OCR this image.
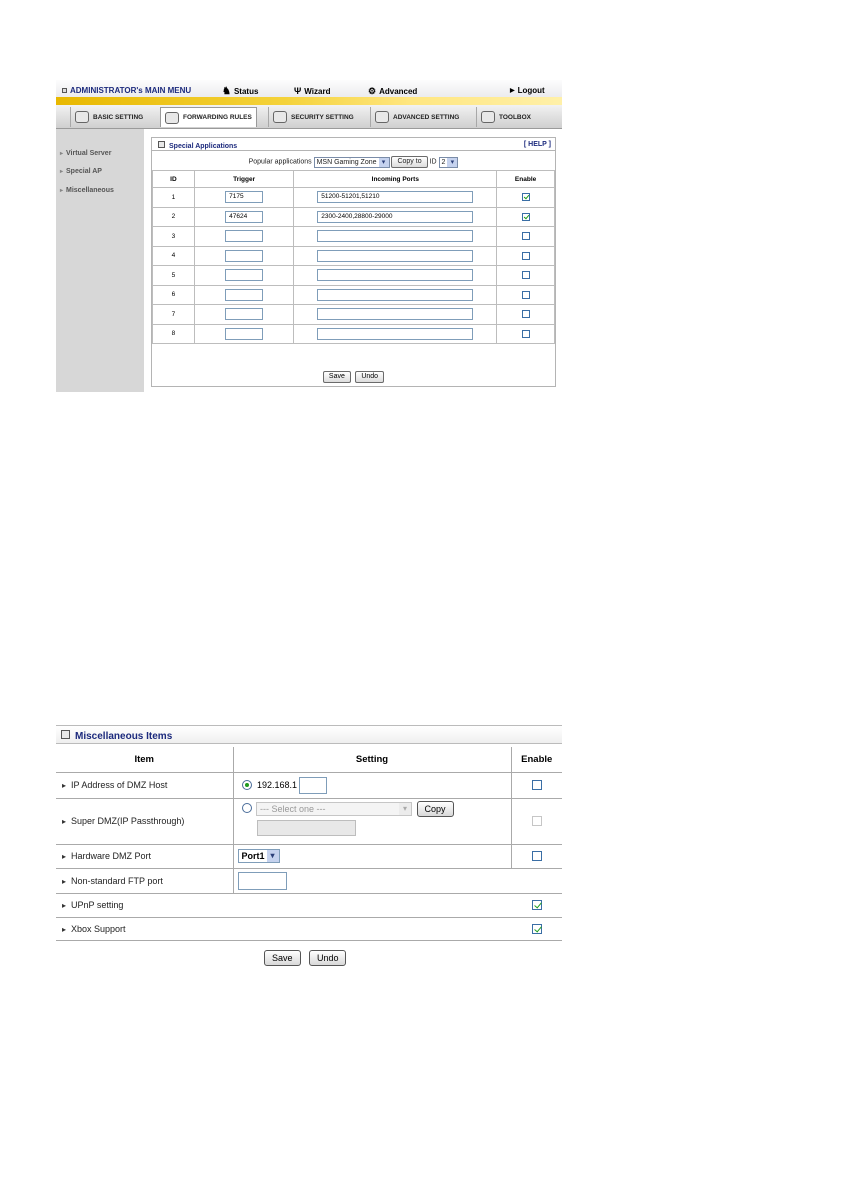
ADMINISTRATOR's MAIN MENU	♞ Status	Ψ Wizard	⚙ Advanced	▶ Logout
BASIC SETTING	FORWARDING RULES	SECURITY SETTING	ADVANCED SETTING	TOOLBOX
▸ Virtual Server
▸ Special AP
▸ Miscellaneous
Special Applications	[ HELP ]
Popular applications MSN Gaming Zone ▾	Copy to ID 2 ▾
ID	Trigger	Incoming Ports	Enable
1	7175	51200-51201,51210	
2	47624	2300-2400,28800-29000	
3			
4			
5			
6			
7			
8			
Save Undo
Miscellaneous Items
Item	Setting	Enable
▸ IP Address of DMZ Host	192.168.1	
▸ Super DMZ(IP Passthrough)	--- Select one --- ▾ Copy

▸ Hardware DMZ Port	Port1 ▾	
▸ Non-standard FTP port		
▸ UPnP setting	
▸ Xbox Support	
Save	Undo
